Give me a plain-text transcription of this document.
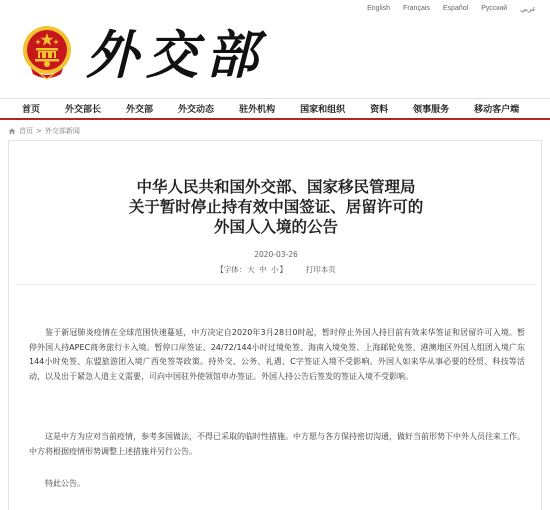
English Français Español Русский عربي
外交部
首页	外交部长	外交部	外交动态	驻外机构	国家和组织	资料	领事服务	移动客户端
首页 > 外交部新闻
中华人民共和国外交部、国家移民管理局
关于暂时停止持有效中国签证、居留许可的
外国人入境的公告
2020-03-26
【字体：大 中 小】	打印本页

鉴于新冠肺炎疫情在全球范围快速蔓延，中方决定自2020年3月28日0时起，暂时停止外国人持目前有效来华签证和居留许可入境。暂停外国人持APEC商务旅行卡入境。暂停口岸签证、24/72/144小时过境免签、海南入境免签、上海邮轮免签、港澳地区外国人组团入境广东144小时免签、东盟旅游团入境广西免签等政策。持外交、公务、礼遇、C字签证入境不受影响。外国人如来华从事必要的经贸、科技等活动，以及出于紧急人道主义需要，可向中国驻外使领馆申办签证。外国人持公告后签发的签证入境不受影响。

这是中方为应对当前疫情，参考多国做法，不得已采取的临时性措施。中方愿与各方保持密切沟通，做好当前形势下中外人员往来工作。中方将根据疫情形势调整上述措施并另行公告。

特此公告。
